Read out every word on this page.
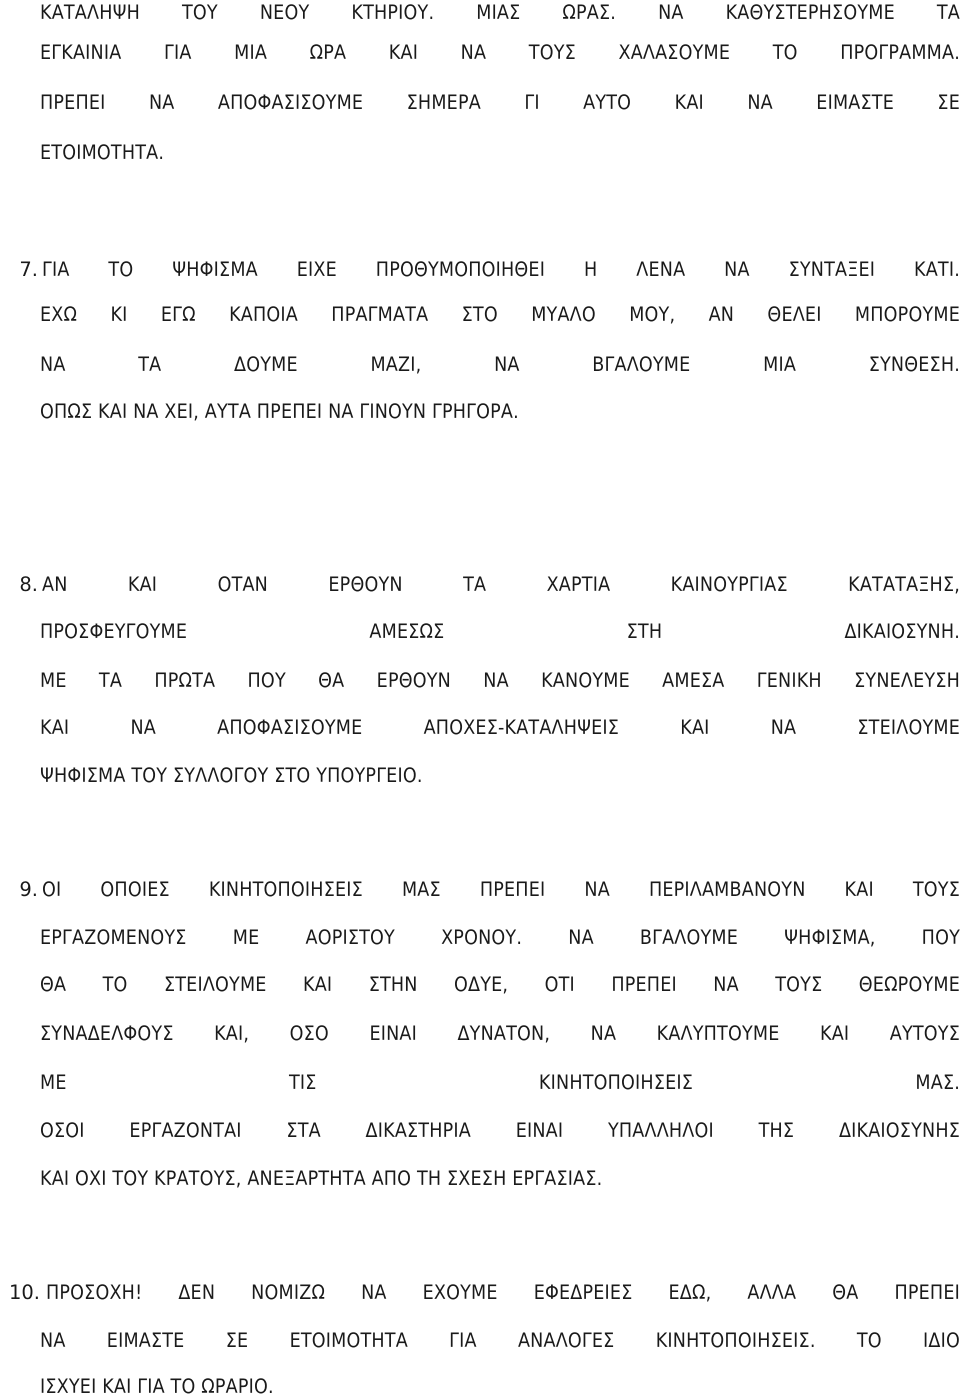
ΚΑΤΑΛΗΨΗ ΤΟΥ ΝΕΟΥ ΚΤΗΡΙΟΥ. ΜΙΑΣ ΩΡΑΣ. ΝΑ ΚΑΘΥΣΤΕΡΗΣΟΥΜΕ ΤΑ
ΕΓΚΑΙΝΙΑ ΓΙΑ ΜΙΑ ΩΡΑ ΚΑΙ ΝΑ ΤΟΥΣ ΧΑΛΑΣΟΥΜΕ ΤΟ ΠΡΟΓΡΑΜΜΑ.
ΠΡΕΠΕΙ ΝΑ ΑΠΟΦΑΣΙΣΟΥΜΕ ΣΗΜΕΡΑ ΓΙ ΑΥΤΟ ΚΑΙ ΝΑ ΕΙΜΑΣΤΕ ΣΕ
ΕΤΟΙΜΟΤΗΤΑ.
7. ΓΙΑ ΤΟ ΨΗΦΙΣΜΑ ΕΙΧΕ ΠΡΟΘΥΜΟΠΟΙΗΘΕΙ Η ΛΕΝΑ ΝΑ ΣΥΝΤΑΞΕΙ ΚΑΤΙ.
ΕΧΩ ΚΙ ΕΓΩ ΚΑΠΟΙΑ ΠΡΑΓΜΑΤΑ ΣΤΟ ΜΥΑΛΟ ΜΟΥ, ΑΝ ΘΕΛΕΙ ΜΠΟΡΟΥΜΕ
ΝΑ ΤΑ ΔΟΥΜΕ ΜΑΖΙ, ΝΑ ΒΓΑΛΟΥΜΕ ΜΙΑ ΣΥΝΘΕΣΗ.
ΟΠΩΣ ΚΑΙ ΝΑ ΧΕΙ, ΑΥΤΑ ΠΡΕΠΕΙ ΝΑ ΓΙΝΟΥΝ ΓΡΗΓΟΡΑ.
8. ΑΝ ΚΑΙ ΟΤΑΝ ΕΡΘΟΥΝ ΤΑ ΧΑΡΤΙΑ ΚΑΙΝΟΥΡΓΙΑΣ ΚΑΤΑΤΑΞΗΣ,
ΠΡΟΣΦΕΥΓΟΥΜΕ ΑΜΕΣΩΣ ΣΤΗ ΔΙΚΑΙΟΣΥΝΗ.
ΜΕ ΤΑ ΠΡΩΤΑ ΠΟΥ ΘΑ ΕΡΘΟΥΝ ΝΑ ΚΑΝΟΥΜΕ ΑΜΕΣΑ ΓΕΝΙΚΗ ΣΥΝΕΛΕΥΣΗ
ΚΑΙ ΝΑ ΑΠΟΦΑΣΙΣΟΥΜΕ ΑΠΟΧΕΣ-ΚΑΤΑΛΗΨΕΙΣ ΚΑΙ ΝΑ ΣΤΕΙΛΟΥΜΕ
ΨΗΦΙΣΜΑ ΤΟΥ ΣΥΛΛΟΓΟΥ ΣΤΟ ΥΠΟΥΡΓΕΙΟ.
9. ΟΙ ΟΠΟΙΕΣ ΚΙΝΗΤΟΠΟΙΗΣΕΙΣ ΜΑΣ ΠΡΕΠΕΙ ΝΑ ΠΕΡΙΛΑΜΒΑΝΟΥΝ ΚΑΙ ΤΟΥΣ
ΕΡΓΑΖΟΜΕΝΟΥΣ ΜΕ ΑΟΡΙΣΤΟΥ ΧΡΟΝΟΥ. ΝΑ ΒΓΑΛΟΥΜΕ ΨΗΦΙΣΜΑ, ΠΟΥ
ΘΑ ΤΟ ΣΤΕΙΛΟΥΜΕ ΚΑΙ ΣΤΗΝ ΟΔΥΕ, ΟΤΙ ΠΡΕΠΕΙ ΝΑ ΤΟΥΣ ΘΕΩΡΟΥΜΕ
ΣΥΝΑΔΕΛΦΟΥΣ ΚΑΙ, ΟΣΟ ΕΙΝΑΙ ΔΥΝΑΤΟΝ, ΝΑ ΚΑΛΥΠΤΟΥΜΕ ΚΑΙ ΑΥΤΟΥΣ
ΜΕ ΤΙΣ ΚΙΝΗΤΟΠΟΙΗΣΕΙΣ ΜΑΣ.
ΟΣΟΙ ΕΡΓΑΖΟΝΤΑΙ ΣΤΑ ΔΙΚΑΣΤΗΡΙΑ ΕΙΝΑΙ ΥΠΑΛΛΗΛΟΙ ΤΗΣ ΔΙΚΑΙΟΣΥΝΗΣ
ΚΑΙ ΟΧΙ ΤΟΥ ΚΡΑΤΟΥΣ, ΑΝΕΞΑΡΤΗΤΑ ΑΠΟ ΤΗ ΣΧΕΣΗ ΕΡΓΑΣΙΑΣ.
10. ΠΡΟΣΟΧΗ! ΔΕΝ ΝΟΜΙΖΩ ΝΑ ΕΧΟΥΜΕ ΕΦΕΔΡΕΙΕΣ ΕΔΩ, ΑΛΛΑ ΘΑ ΠΡΕΠΕΙ
ΝΑ ΕΙΜΑΣΤΕ ΣΕ ΕΤΟΙΜΟΤΗΤΑ ΓΙΑ ΑΝΑΛΟΓΕΣ ΚΙΝΗΤΟΠΟΙΗΣΕΙΣ. ΤΟ ΙΔΙΟ
ΙΣΧΥΕΙ ΚΑΙ ΓΙΑ ΤΟ ΩΡΑΡΙΟ.
